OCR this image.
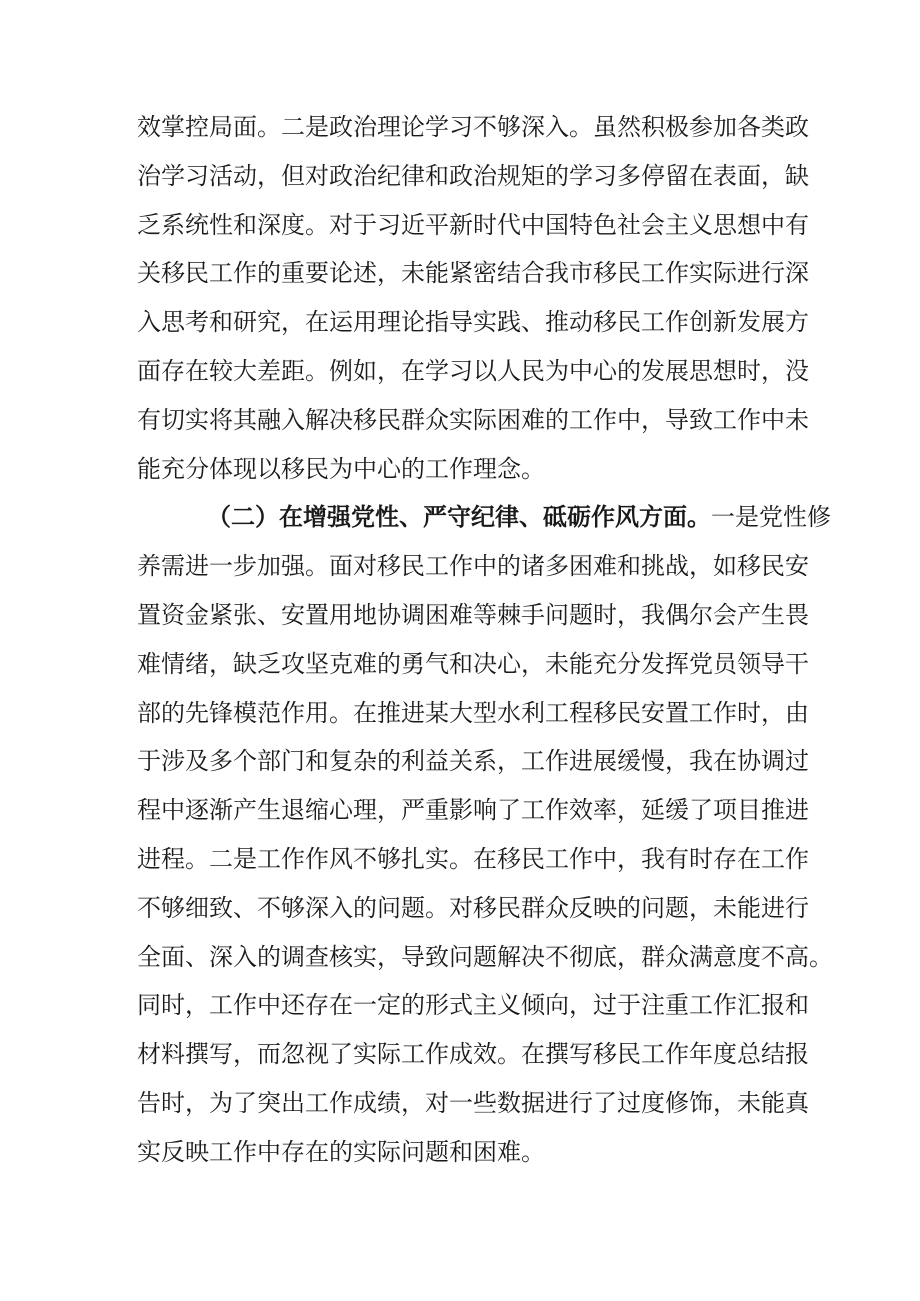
效掌控局面。二是政治理论学习不够深入。虽然积极参加各类政
治学习活动，但对政治纪律和政治规矩的学习多停留在表面，缺
乏系统性和深度。对于习近平新时代中国特色社会主义思想中有
关移民工作的重要论述，未能紧密结合我市移民工作实际进行深
入思考和研究，在运用理论指导实践、推动移民工作创新发展方
面存在较大差距。例如，在学习以人民为中心的发展思想时，没
有切实将其融入解决移民群众实际困难的工作中，导致工作中未
能充分体现以移民为中心的工作理念。
（二）在增强党性、严守纪律、砥砺作风方面。一是党性修
养需进一步加强。面对移民工作中的诸多困难和挑战，如移民安
置资金紧张、安置用地协调困难等棘手问题时，我偶尔会产生畏
难情绪，缺乏攻坚克难的勇气和决心，未能充分发挥党员领导干
部的先锋模范作用。在推进某大型水利工程移民安置工作时，由
于涉及多个部门和复杂的利益关系，工作进展缓慢，我在协调过
程中逐渐产生退缩心理，严重影响了工作效率，延缓了项目推进
进程。二是工作作风不够扎实。在移民工作中，我有时存在工作
不够细致、不够深入的问题。对移民群众反映的问题，未能进行
全面、深入的调查核实，导致问题解决不彻底，群众满意度不高。
同时，工作中还存在一定的形式主义倾向，过于注重工作汇报和
材料撰写，而忽视了实际工作成效。在撰写移民工作年度总结报
告时，为了突出工作成绩，对一些数据进行了过度修饰，未能真
实反映工作中存在的实际问题和困难。
